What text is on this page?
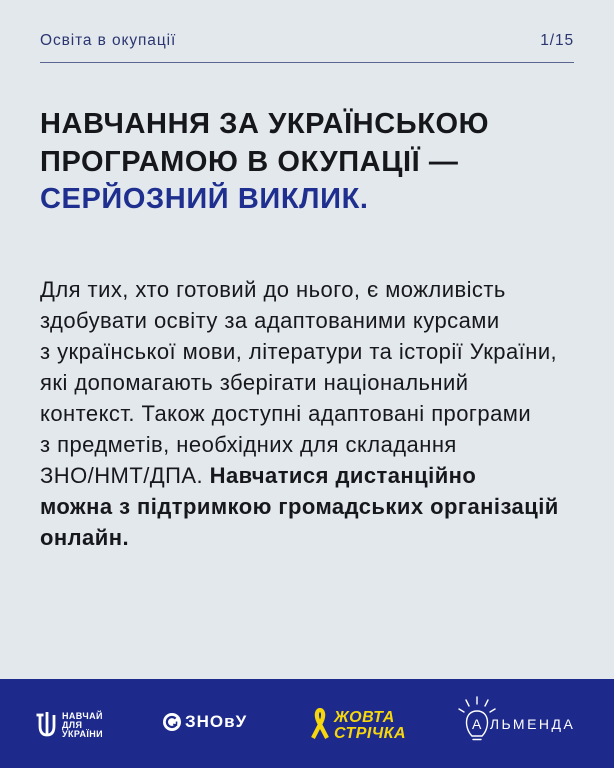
Освіта в окупації	1/15
НАВЧАННЯ ЗА УКРАЇНСЬКОЮ
ПРОГРАМОЮ В ОКУПАЦІЇ —
СЕРЙОЗНИЙ ВИКЛИК.
Для тих, хто готовий до нього, є можливість
здобувати освіту за адаптованими курсами
з української мови, літератури та історії України,
які допомагають зберігати національний
контекст. Також доступні адаптовані програми
з предметів, необхідних для складання
ЗНО/НМТ/ДПА. Навчатися дистанційно
можна з підтримкою громадських організацій
онлайн.
НАВЧАЙ
ДЛЯ
УКРАЇНИ
ЗНОвУ	ЖОВТА
СТРІЧКА
АЛЬМЕНДА
